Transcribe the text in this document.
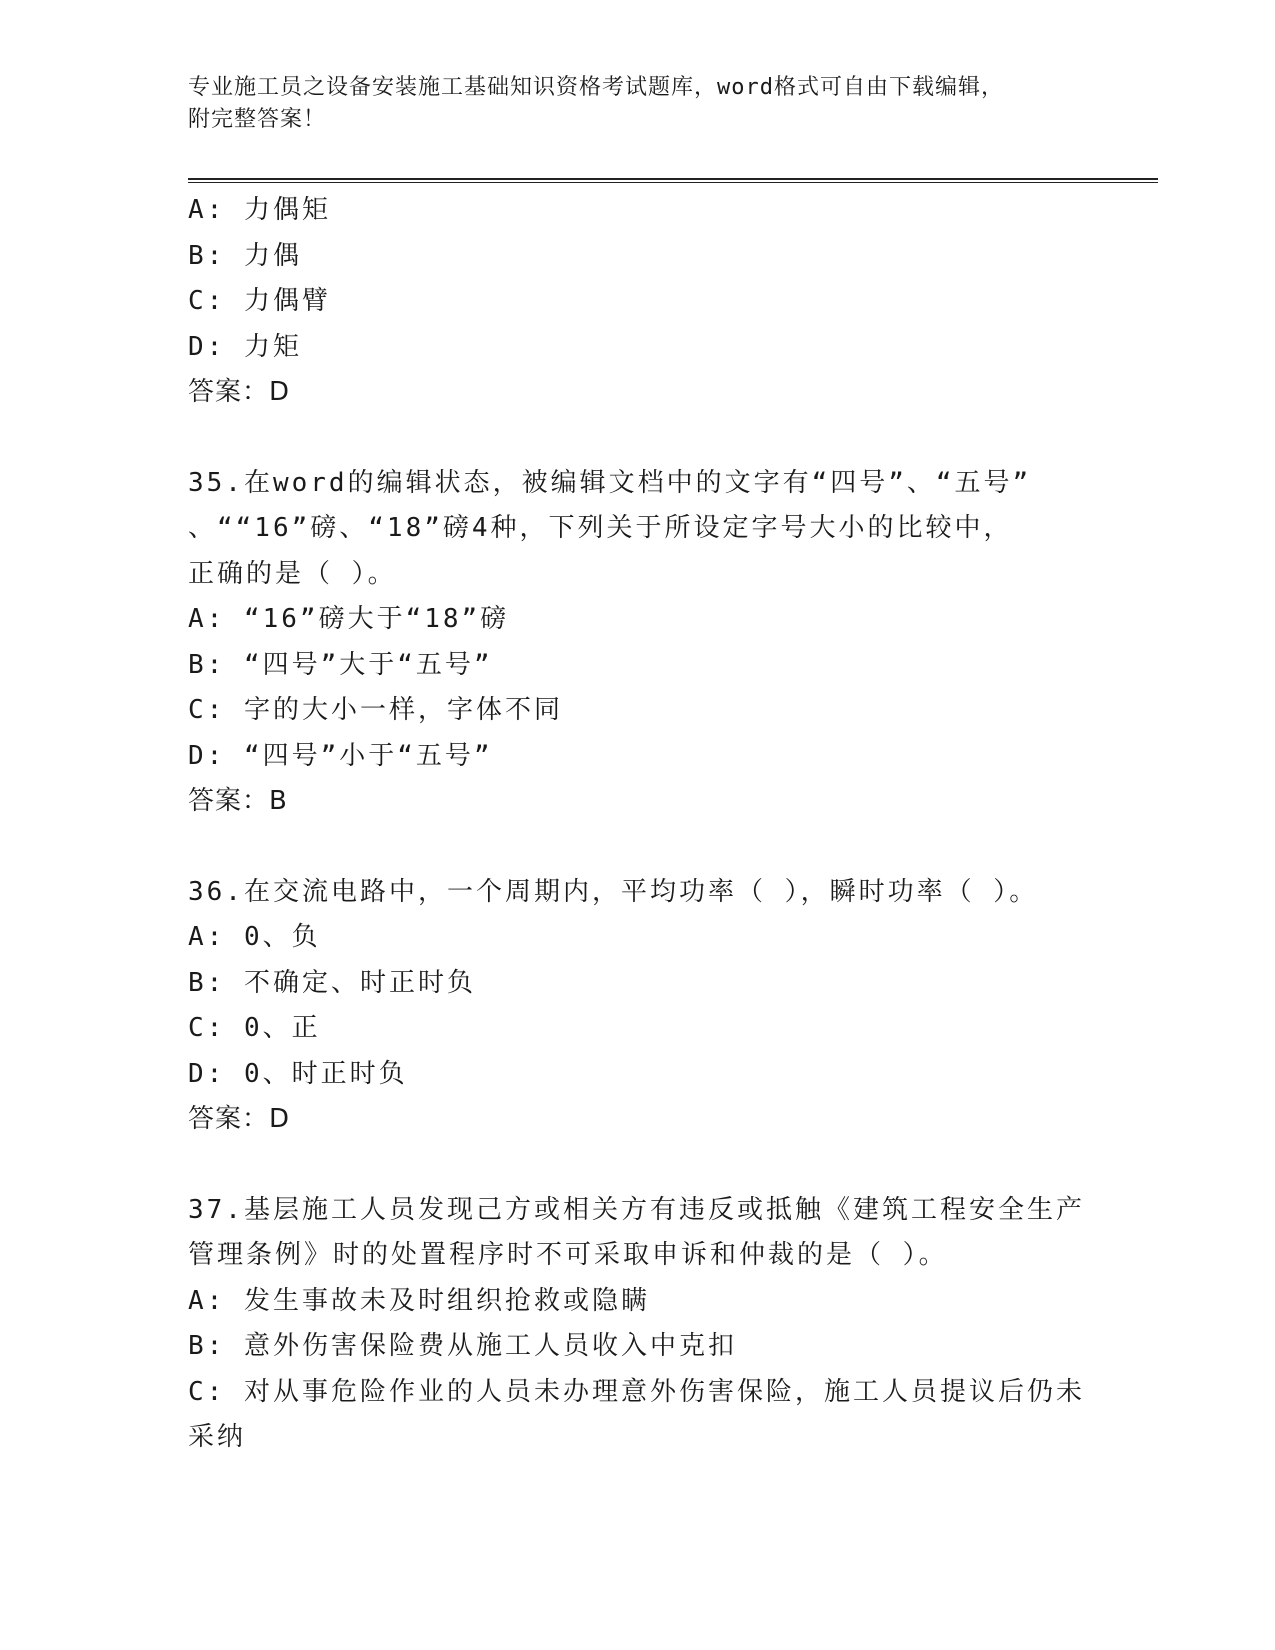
专业施工员之设备安装施工基础知识资格考试题库，word格式可自由下载编辑，
附完整答案！
A: 力偶矩
B: 力偶
C: 力偶臂
D: 力矩
答案：D
35.在word的编辑状态，被编辑文档中的文字有“四号”、“五号”
、““16”磅、“18”磅4种，下列关于所设定字号大小的比较中，
正确的是（ ）。
A: “16”磅大于“18”磅
B: “四号”大于“五号”
C: 字的大小一样，字体不同
D: “四号”小于“五号”
答案：B
36.在交流电路中，一个周期内，平均功率（ ），瞬时功率（ ）。
A: 0、负
B: 不确定、时正时负
C: 0、正
D: 0、时正时负
答案：D
37.基层施工人员发现己方或相关方有违反或抵触《建筑工程安全生产
管理条例》时的处置程序时不可采取申诉和仲裁的是（ ）。
A: 发生事故未及时组织抢救或隐瞒
B: 意外伤害保险费从施工人员收入中克扣
C: 对从事危险作业的人员未办理意外伤害保险，施工人员提议后仍未
采纳
